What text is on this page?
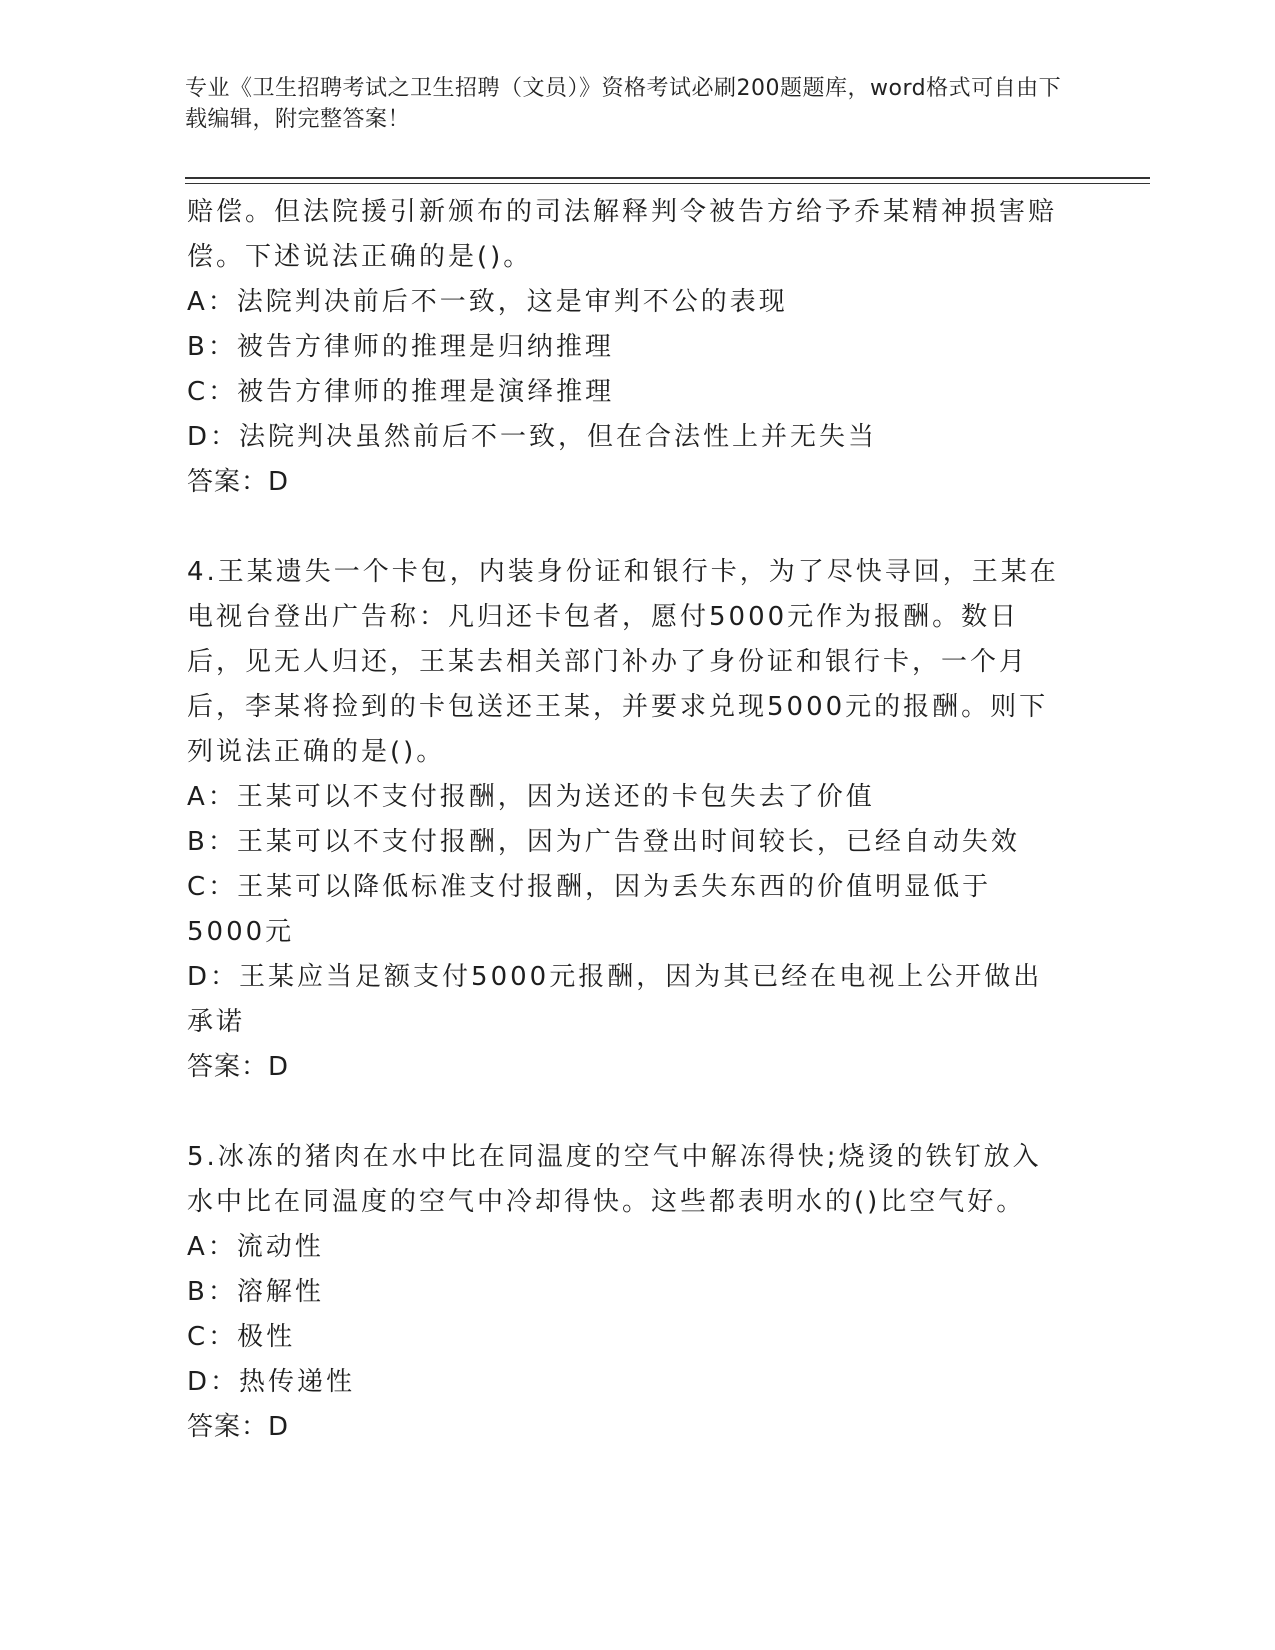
专业《卫生招聘考试之卫生招聘（文员）》资格考试必刷200题题库，word格式可自由下载编辑，附完整答案！

赔偿。但法院援引新颁布的司法解释判令被告方给予乔某精神损害赔偿。下述说法正确的是()。

A：法院判决前后不一致，这是审判不公的表现

B：被告方律师的推理是归纳推理

C：被告方律师的推理是演绎推理

D：法院判决虽然前后不一致，但在合法性上并无失当

答案：D

4.王某遗失一个卡包，内装身份证和银行卡，为了尽快寻回，王某在电视台登出广告称：凡归还卡包者，愿付5000元作为报酬。数日后，见无人归还，王某去相关部门补办了身份证和银行卡，一个月后，李某将捡到的卡包送还王某，并要求兑现5000元的报酬。则下列说法正确的是()。

A：王某可以不支付报酬，因为送还的卡包失去了价值

B：王某可以不支付报酬，因为广告登出时间较长，已经自动失效

C：王某可以降低标准支付报酬，因为丢失东西的价值明显低于5000元

D：王某应当足额支付5000元报酬，因为其已经在电视上公开做出承诺

答案：D

5.冰冻的猪肉在水中比在同温度的空气中解冻得快;烧烫的铁钉放入水中比在同温度的空气中冷却得快。这些都表明水的()比空气好。

A：流动性

B：溶解性

C：极性

D：热传递性

答案：D
